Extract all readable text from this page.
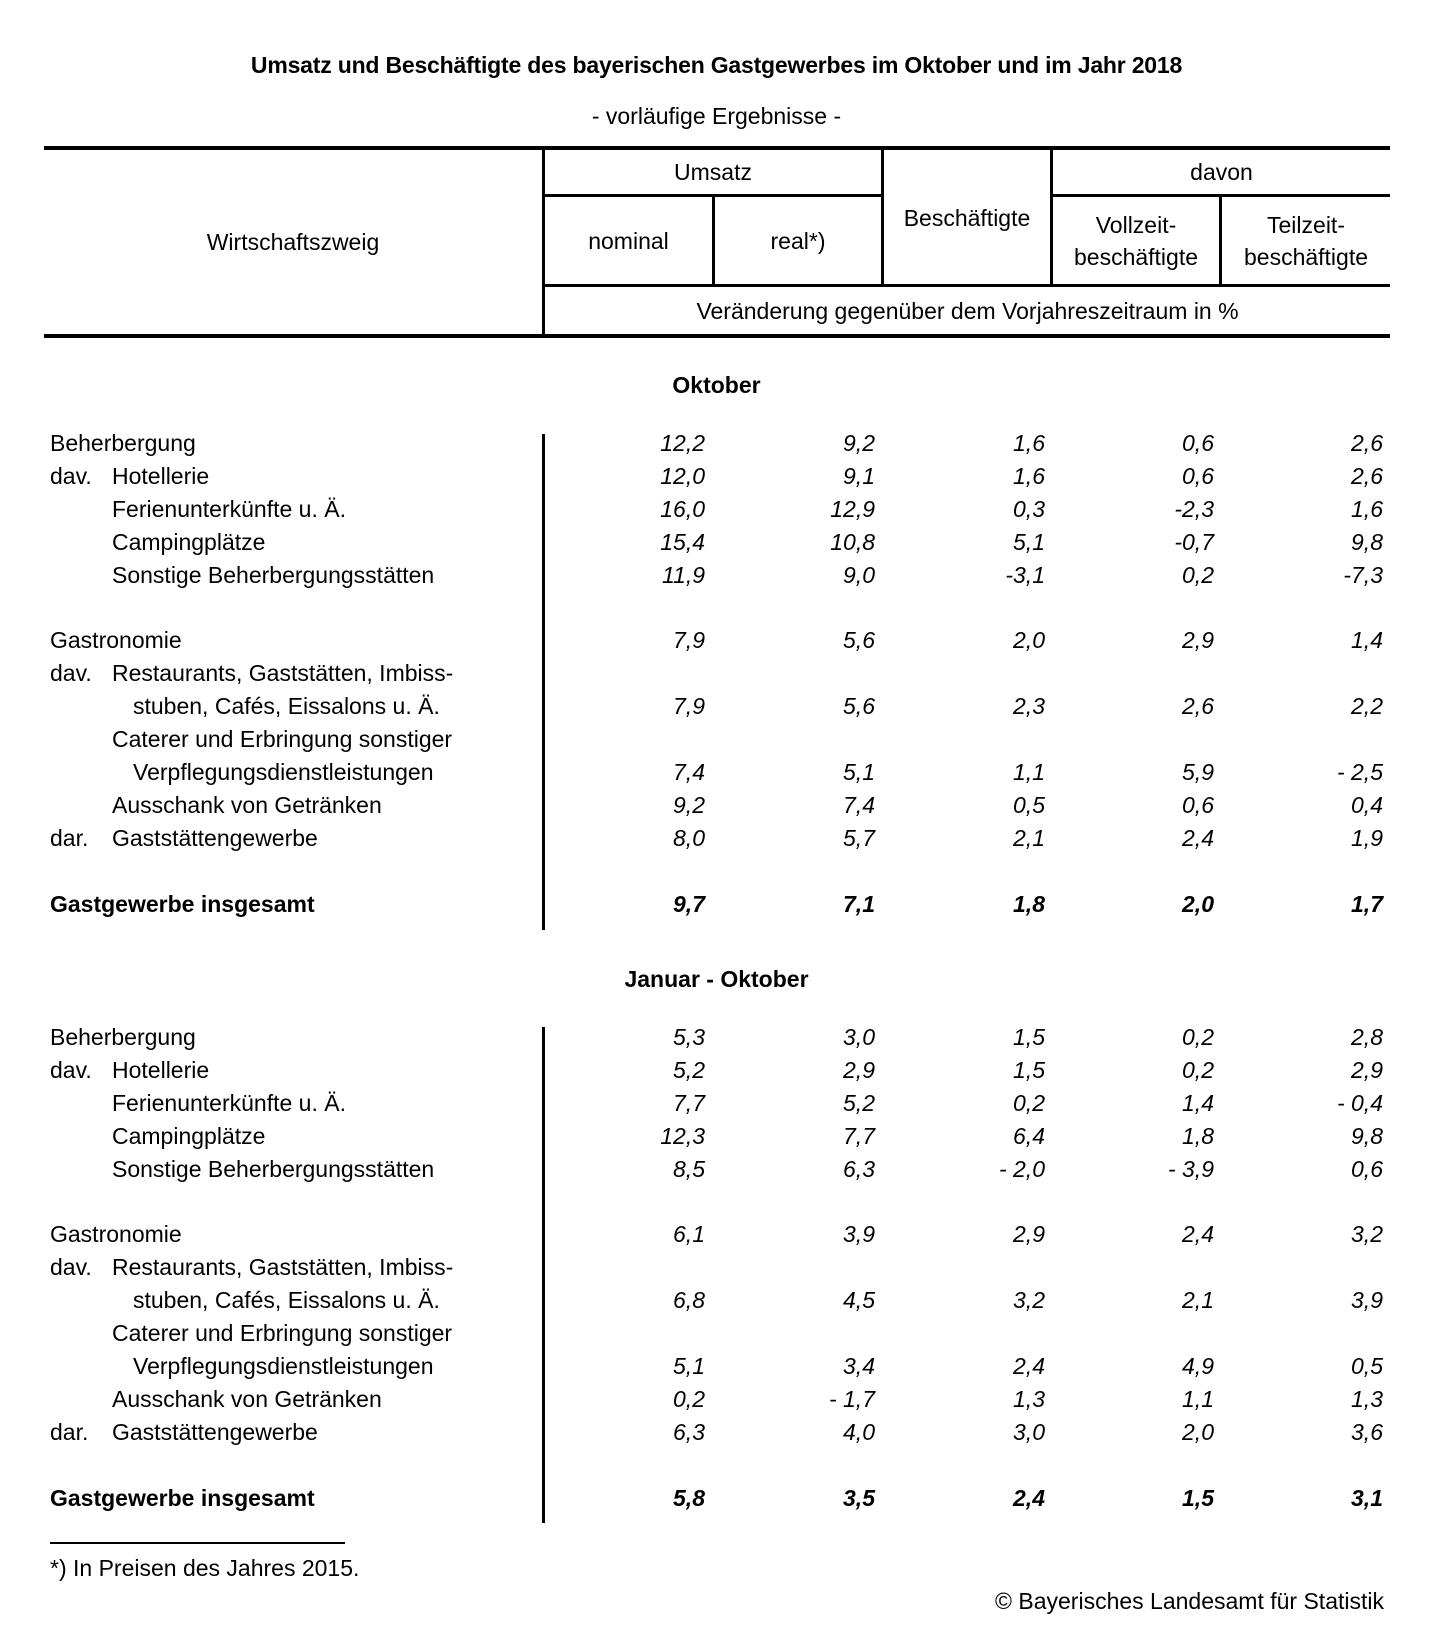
Umsatz und Beschäftigte des bayerischen Gastgewerbes im Oktober und im Jahr 2018
- vorläufige Ergebnisse -
Wirtschaftszweig
Umsatz
nominal	real*)
Beschäftigte
davon
Vollzeit-
beschäftigte
Teilzeit-
beschäftigte
Veränderung gegenüber dem Vorjahreszeitraum in %
Oktober
Beherbergung	12,2	9,2	1,6	0,6	2,6
dav. Hotellerie	12,0	9,1	1,6	0,6	2,6
Ferienunterkünfte u. Ä.	16,0	12,9	0,3	-2,3	1,6
Campingplätze	15,4	10,8	5,1	-0,7	9,8
Sonstige Beherbergungsstätten	11,9	9,0	-3,1	0,2	-7,3
Gastronomie	7,9	5,6	2,0	2,9	1,4
dav. Restaurants, Gaststätten, Imbiss-
stuben, Cafés, Eissalons u. Ä.	7,9	5,6	2,3	2,6	2,2
Caterer und Erbringung sonstiger
Verpflegungsdienstleistungen	7,4	5,1	1,1	5,9	- 2,5
Ausschank von Getränken	9,2	7,4	0,5	0,6	0,4
dar. Gaststättengewerbe	8,0	5,7	2,1	2,4	1,9
Gastgewerbe insgesamt	9,7	7,1	1,8	2,0	1,7
Januar - Oktober
Beherbergung	5,3	3,0	1,5	0,2	2,8
dav. Hotellerie	5,2	2,9	1,5	0,2	2,9
Ferienunterkünfte u. Ä.	7,7	5,2	0,2	1,4	- 0,4
Campingplätze	12,3	7,7	6,4	1,8	9,8
Sonstige Beherbergungsstätten	8,5	6,3	- 2,0	- 3,9	0,6
Gastronomie	6,1	3,9	2,9	2,4	3,2
dav. Restaurants, Gaststätten, Imbiss-
stuben, Cafés, Eissalons u. Ä.	6,8	4,5	3,2	2,1	3,9
Caterer und Erbringung sonstiger
Verpflegungsdienstleistungen	5,1	3,4	2,4	4,9	0,5
Ausschank von Getränken	0,2	- 1,7	1,3	1,1	1,3
dar. Gaststättengewerbe	6,3	4,0	3,0	2,0	3,6
Gastgewerbe insgesamt	5,8	3,5	2,4	1,5	3,1
*) In Preisen des Jahres 2015.
© Bayerisches Landesamt für Statistik
